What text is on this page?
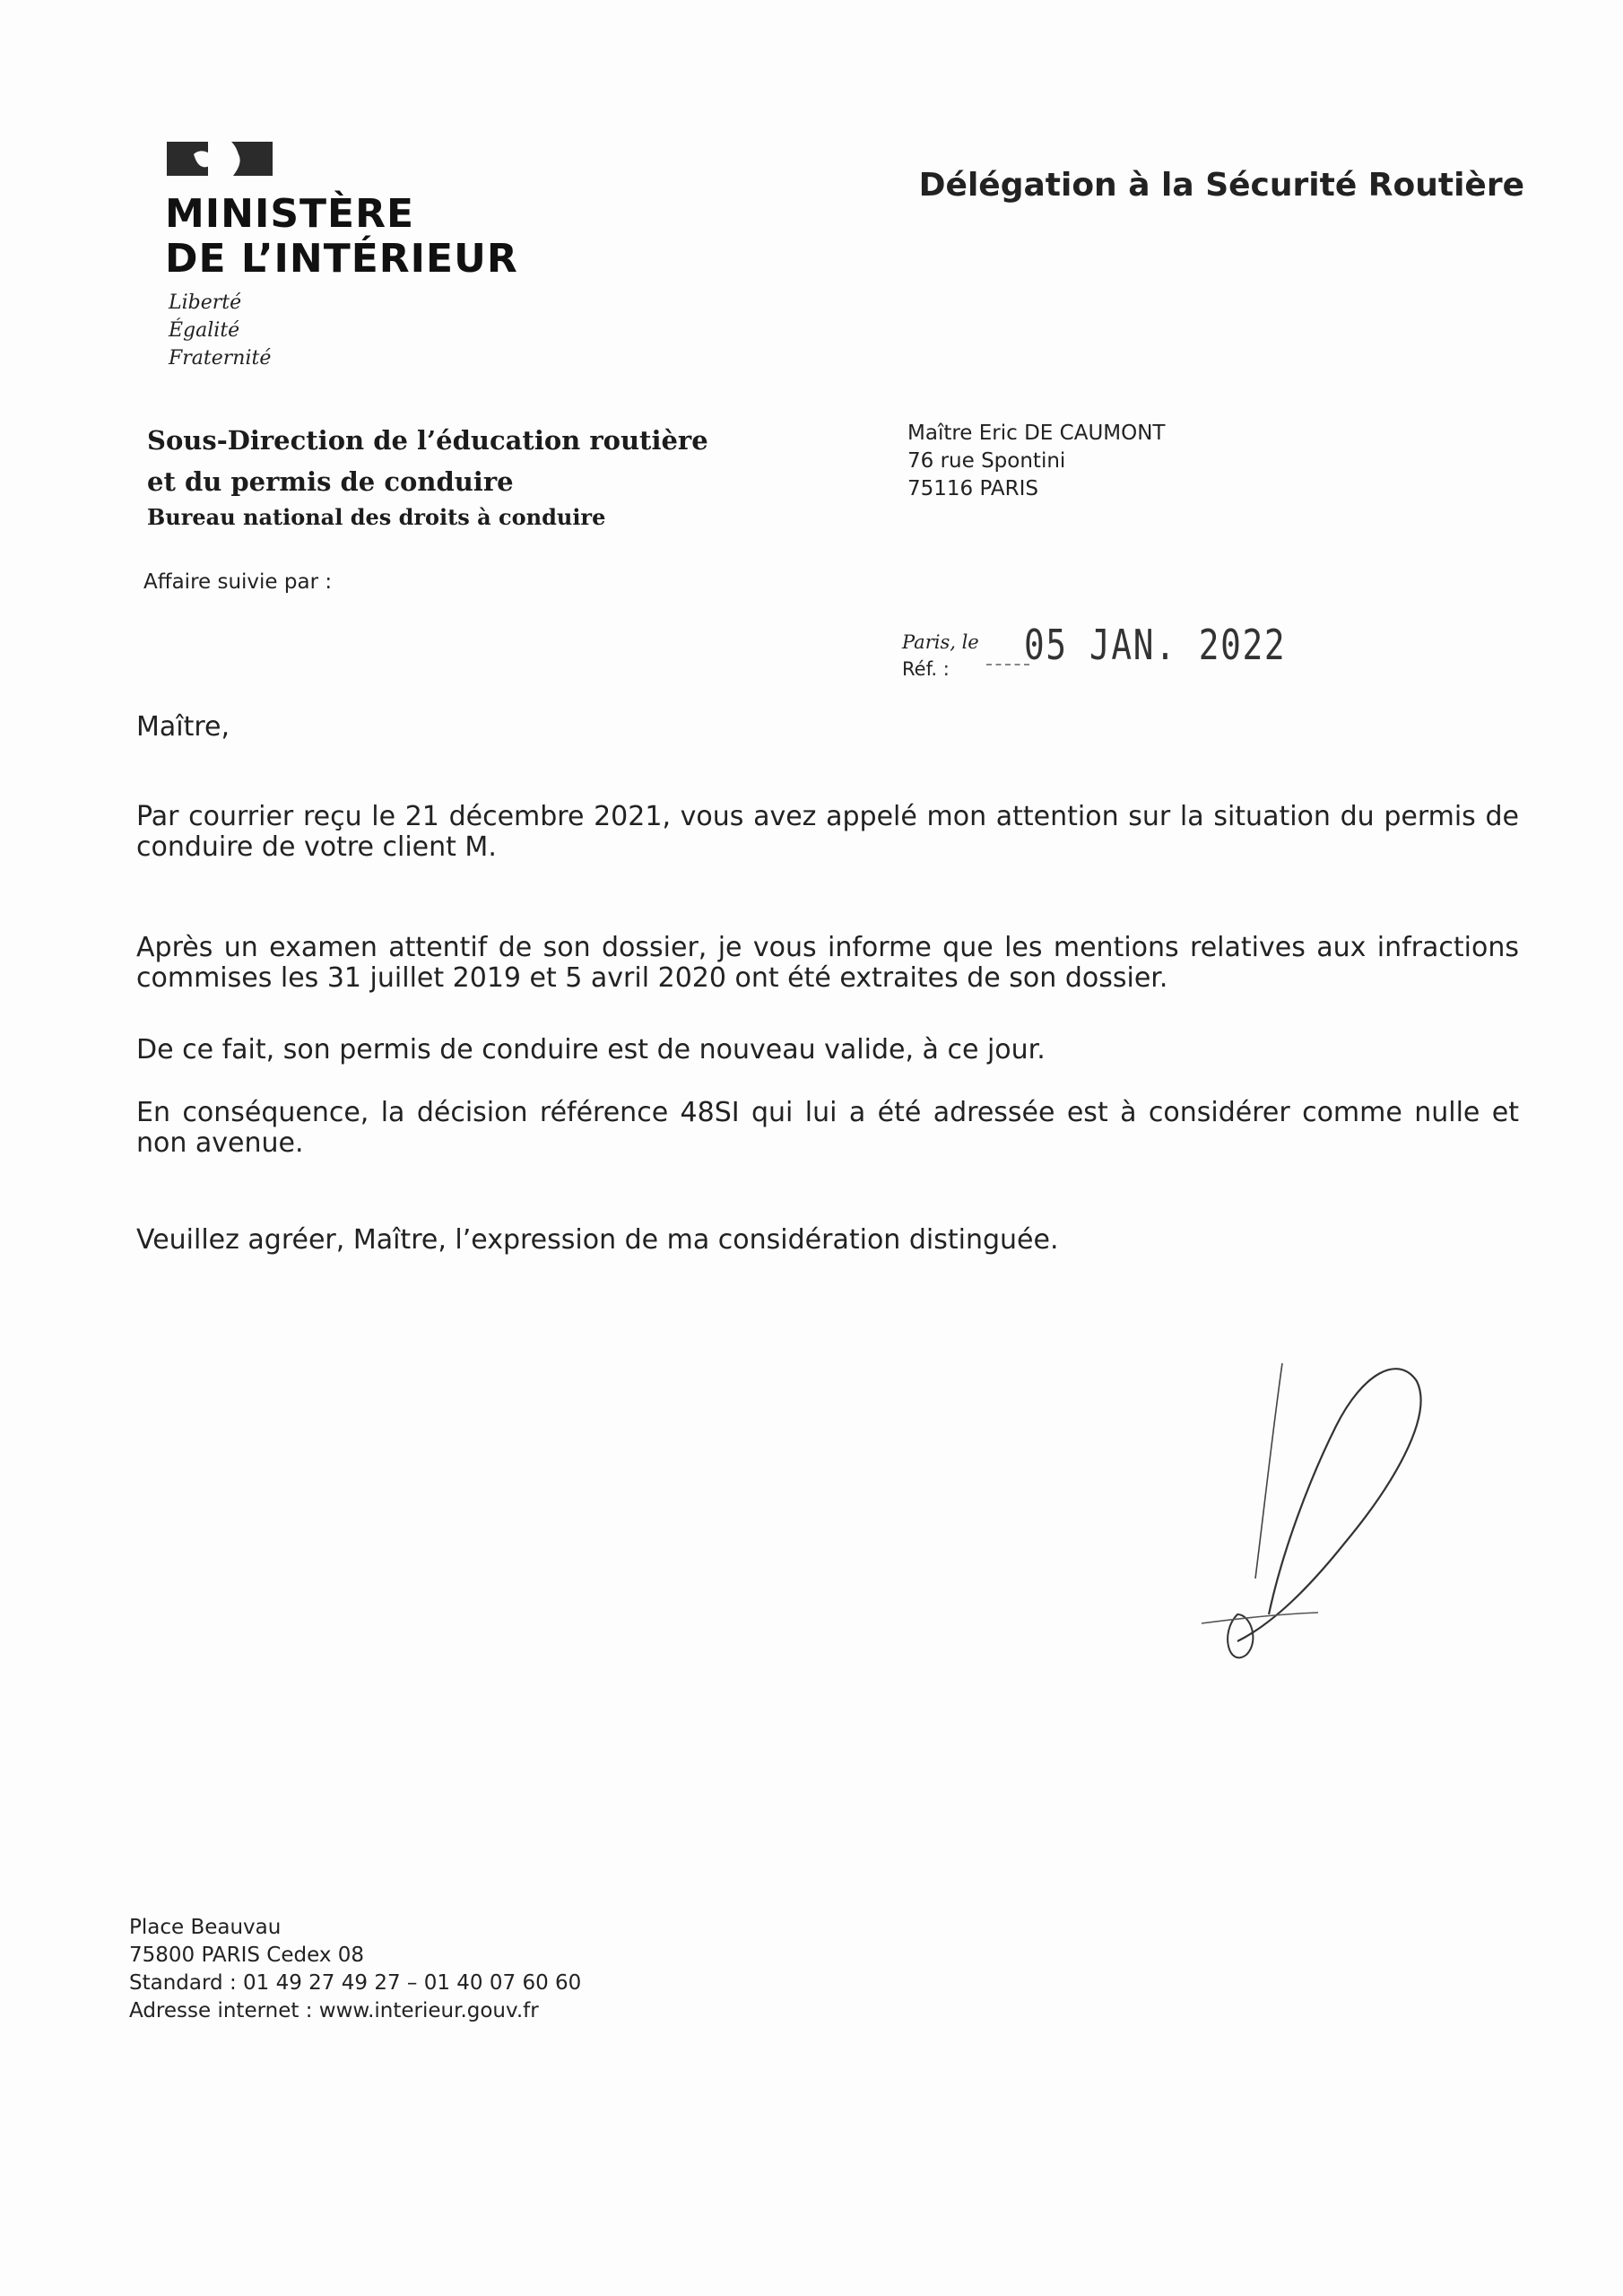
MINISTÈRE
DE L’INTÉRIEUR
Liberté
Égalité
Fraternité
Délégation à la Sécurité Routière
Sous-Direction de l’éducation routière
et du permis de conduire
Bureau national des droits à conduire
Affaire suivie par :
Maître Eric DE CAUMONT
76 rue Spontini
75116 PARIS
Paris, le
Réf. : 05 JAN. 2022
Maître,
Par courrier reçu le 21 décembre 2021, vous avez appelé mon attention sur la situation du permis de conduire de votre client M.
Après un examen attentif de son dossier, je vous informe que les mentions relatives aux infractions commises les 31 juillet 2019 et 5 avril 2020 ont été extraites de son dossier.
De ce fait, son permis de conduire est de nouveau valide, à ce jour.
En conséquence, la décision référence 48SI qui lui a été adressée est à considérer comme nulle et non avenue.
Veuillez agréer, Maître, l’expression de ma considération distinguée.
Place Beauvau
75800 PARIS Cedex 08
Standard : 01 49 27 49 27 – 01 40 07 60 60
Adresse internet : www.interieur.gouv.fr
